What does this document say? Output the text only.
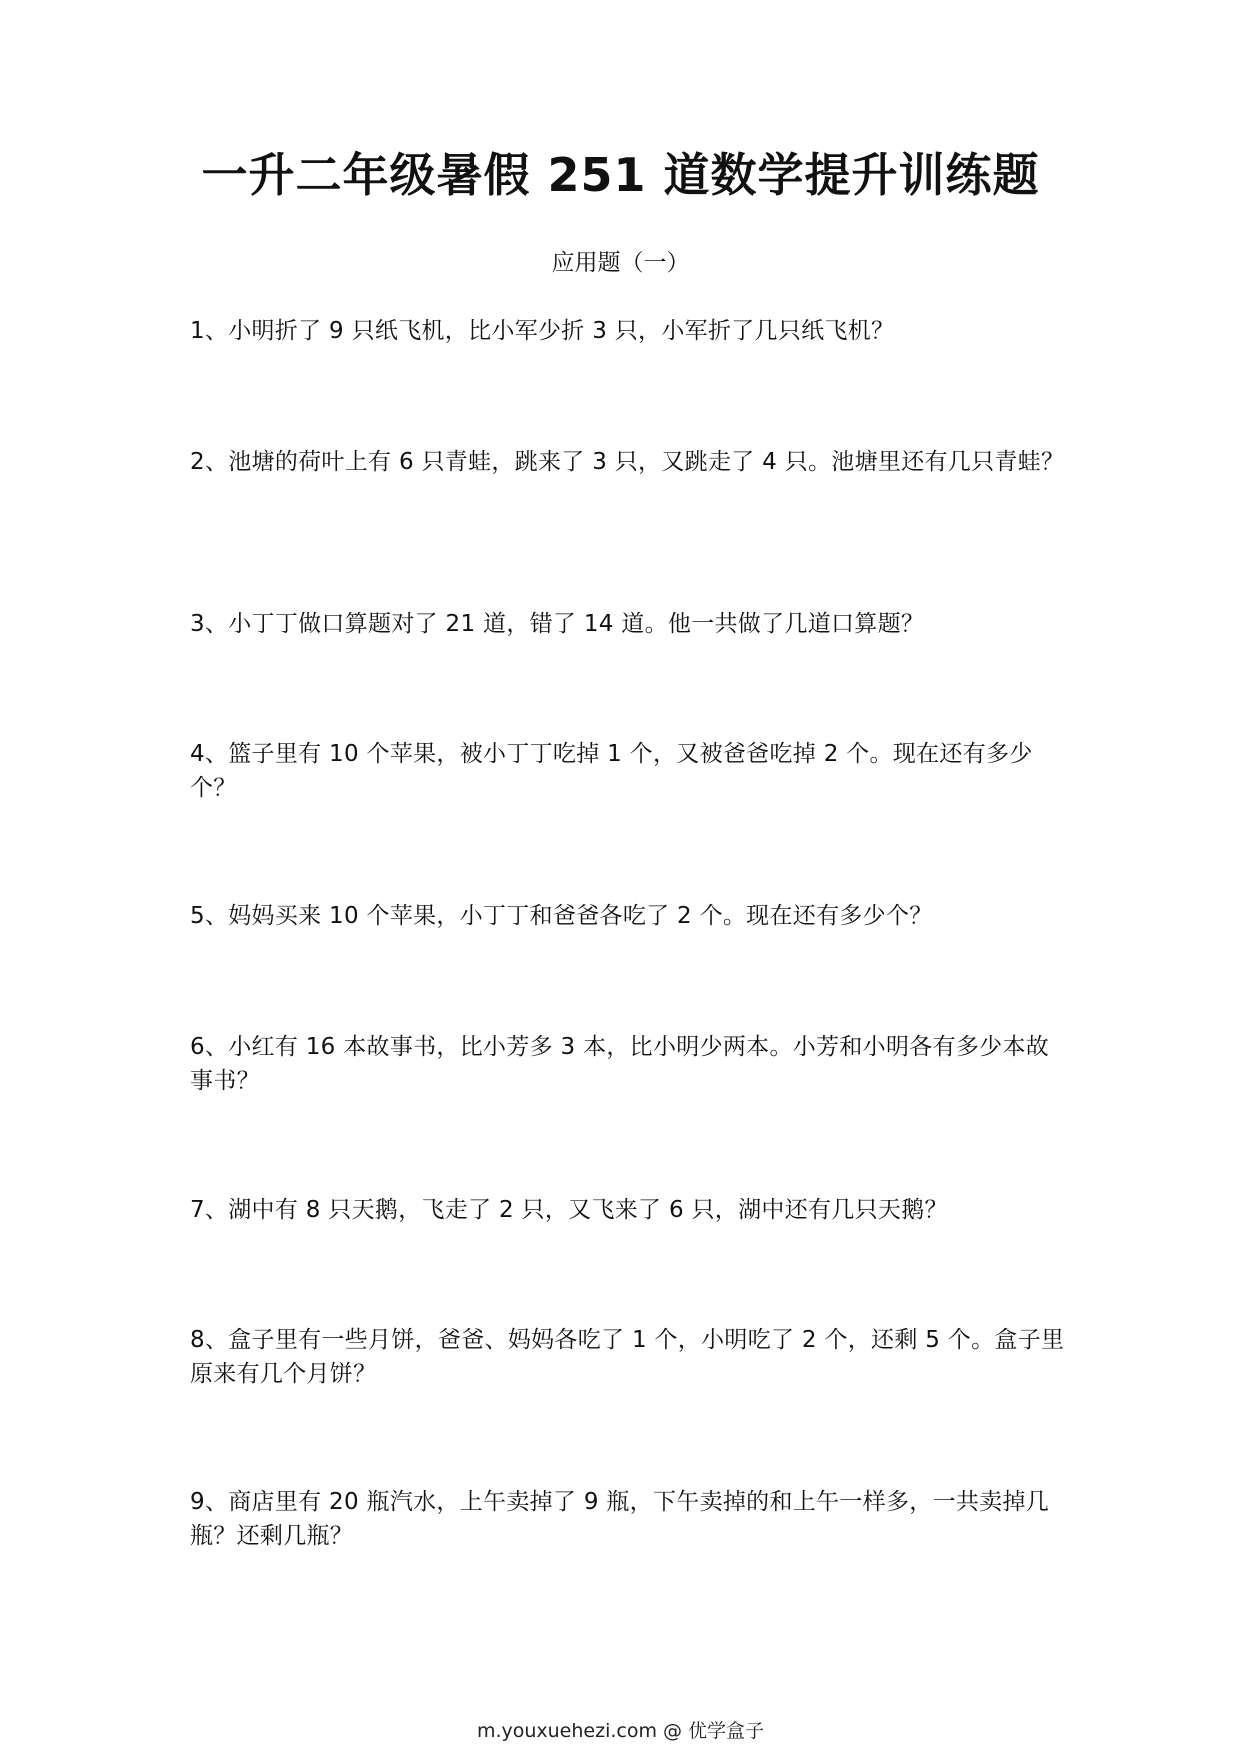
一升二年级暑假 251 道数学提升训练题
应用题（一）
1、小明折了 9 只纸飞机，比小军少折 3 只，小军折了几只纸飞机？
2、池塘的荷叶上有 6 只青蛙，跳来了 3 只，又跳走了 4 只。池塘里还有几只青蛙？
3、小丁丁做口算题对了 21 道，错了 14 道。他一共做了几道口算题？
4、篮子里有 10 个苹果，被小丁丁吃掉 1 个，又被爸爸吃掉 2 个。现在还有多少个？
5、妈妈买来 10 个苹果，小丁丁和爸爸各吃了 2 个。现在还有多少个？
6、小红有 16 本故事书，比小芳多 3 本，比小明少两本。小芳和小明各有多少本故事书？
7、湖中有 8 只天鹅，飞走了 2 只，又飞来了 6 只，湖中还有几只天鹅？
8、盒子里有一些月饼，爸爸、妈妈各吃了 1 个，小明吃了 2 个，还剩 5 个。盒子里原来有几个月饼？
9、商店里有 20 瓶汽水，上午卖掉了 9 瓶，下午卖掉的和上午一样多，一共卖掉几瓶？还剩几瓶？
m.youxuehezi.com @ 优学盒子
